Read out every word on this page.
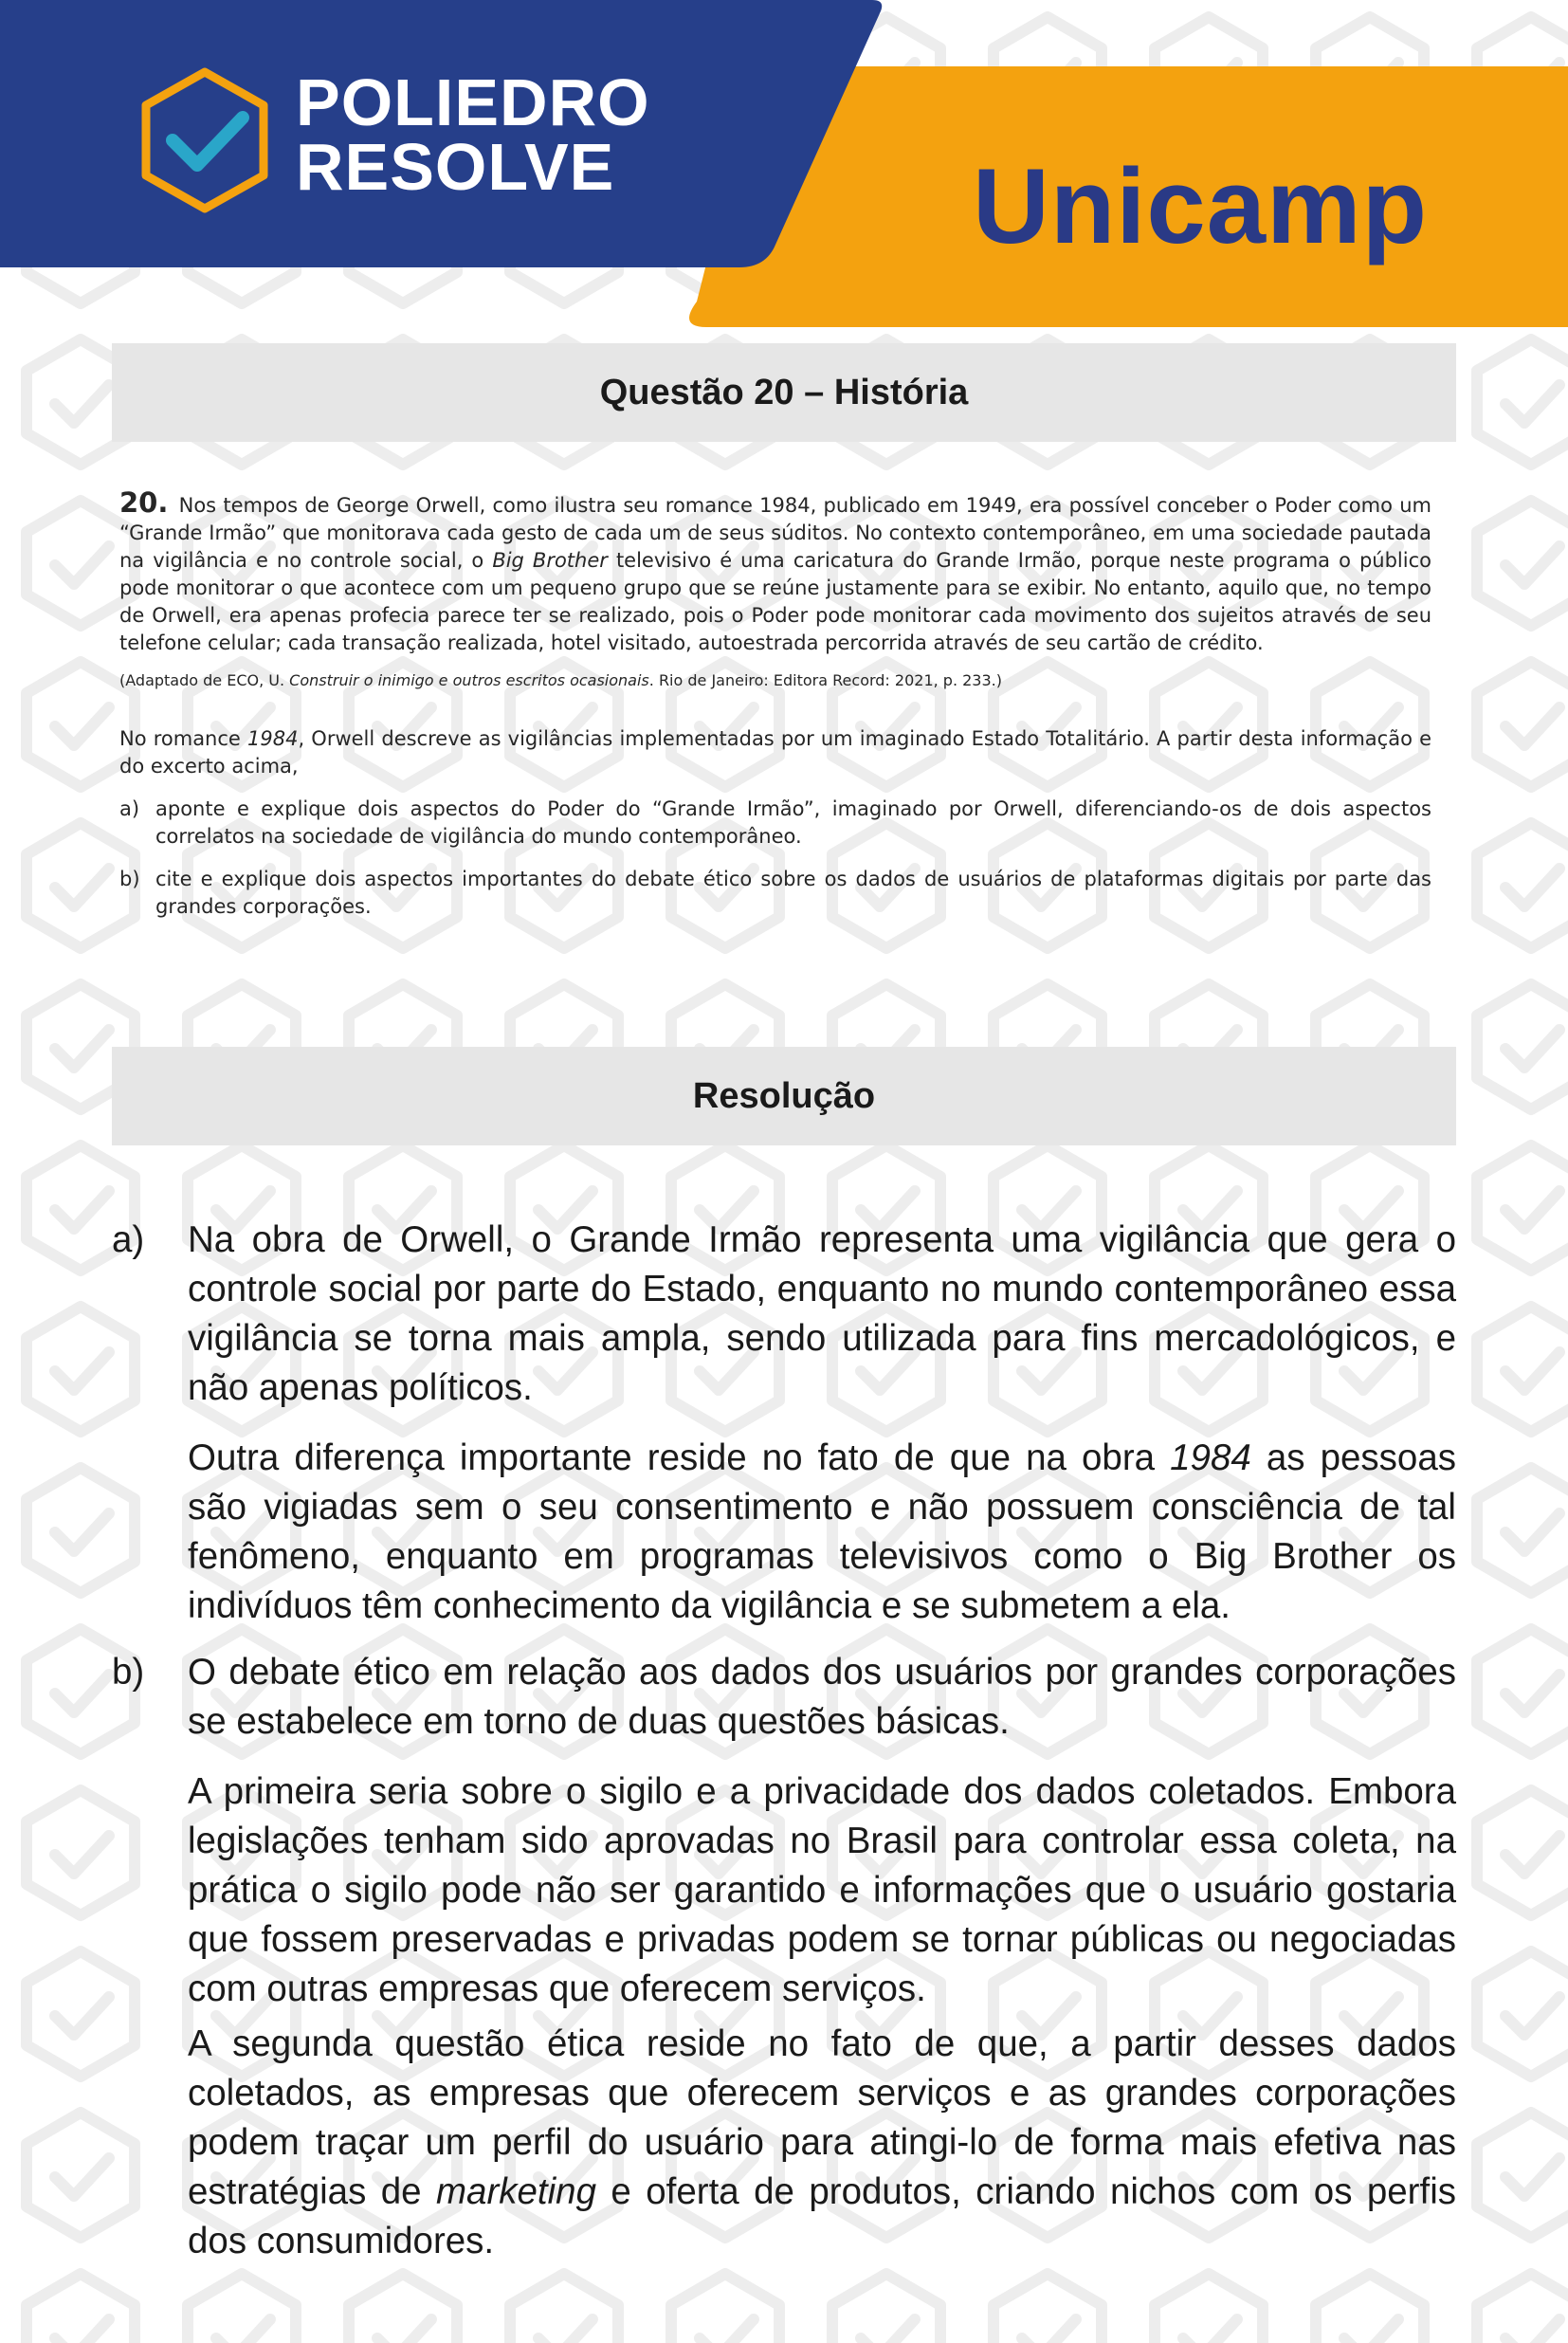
POLIEDRO
RESOLVE	Unicamp
Questão 20 – História
20. Nos tempos de George Orwell, como ilustra seu romance 1984, publicado em 1949, era possível conceber o Poder como um “Grande Irmão” que monitorava cada gesto de cada um de seus súditos. No contexto contemporâneo, em uma sociedade pautada na vigilância e no controle social, o Big Brother televisivo é uma caricatura do Grande Irmão, porque neste programa o público pode monitorar o que acontece com um pequeno grupo que se reúne justamente para se exibir. No entanto, aquilo que, no tempo de Orwell, era apenas profecia parece ter se realizado, pois o Poder pode monitorar cada movimento dos sujeitos através de seu telefone celular; cada transação realizada, hotel visitado, autoestrada percorrida através de seu cartão de crédito.
(Adaptado de ECO, U. Construir o inimigo e outros escritos ocasionais. Rio de Janeiro: Editora Record: 2021, p. 233.)
No romance 1984, Orwell descreve as vigilâncias implementadas por um imaginado Estado Totalitário. A partir desta informação e do excerto acima,
a) aponte e explique dois aspectos do Poder do “Grande Irmão”, imaginado por Orwell, diferenciando-os de dois aspectos correlatos na sociedade de vigilância do mundo contemporâneo.
b) cite e explique dois aspectos importantes do debate ético sobre os dados de usuários de plataformas digitais por parte das grandes corporações.
Resolução
a)	Na obra de Orwell, o Grande Irmão representa uma vigilância que gera o controle social por parte do Estado, enquanto no mundo contemporâneo essa vigilância se torna mais ampla, sendo utilizada para fins mercadológicos, e não apenas políticos.

Outra diferença importante reside no fato de que na obra 1984 as pessoas são vigiadas sem o seu consentimento e não possuem consciência de tal fenômeno, enquanto em programas televisivos como o Big Brother os indivíduos têm conhecimento da vigilância e se submetem a ela.

b)	O debate ético em relação aos dados dos usuários por grandes corporações se estabelece em torno de duas questões básicas.

A primeira seria sobre o sigilo e a privacidade dos dados coletados. Embora legislações tenham sido aprovadas no Brasil para controlar essa coleta, na prática o sigilo pode não ser garantido e informações que o usuário gostaria que fossem preservadas e privadas podem se tornar públicas ou negociadas com outras empresas que oferecem serviços.

A segunda questão ética reside no fato de que, a partir desses dados coletados, as empresas que oferecem serviços e as grandes corporações podem traçar um perfil do usuário para atingi-lo de forma mais efetiva nas estratégias de marketing e oferta de produtos, criando nichos com os perfis dos consumidores.
